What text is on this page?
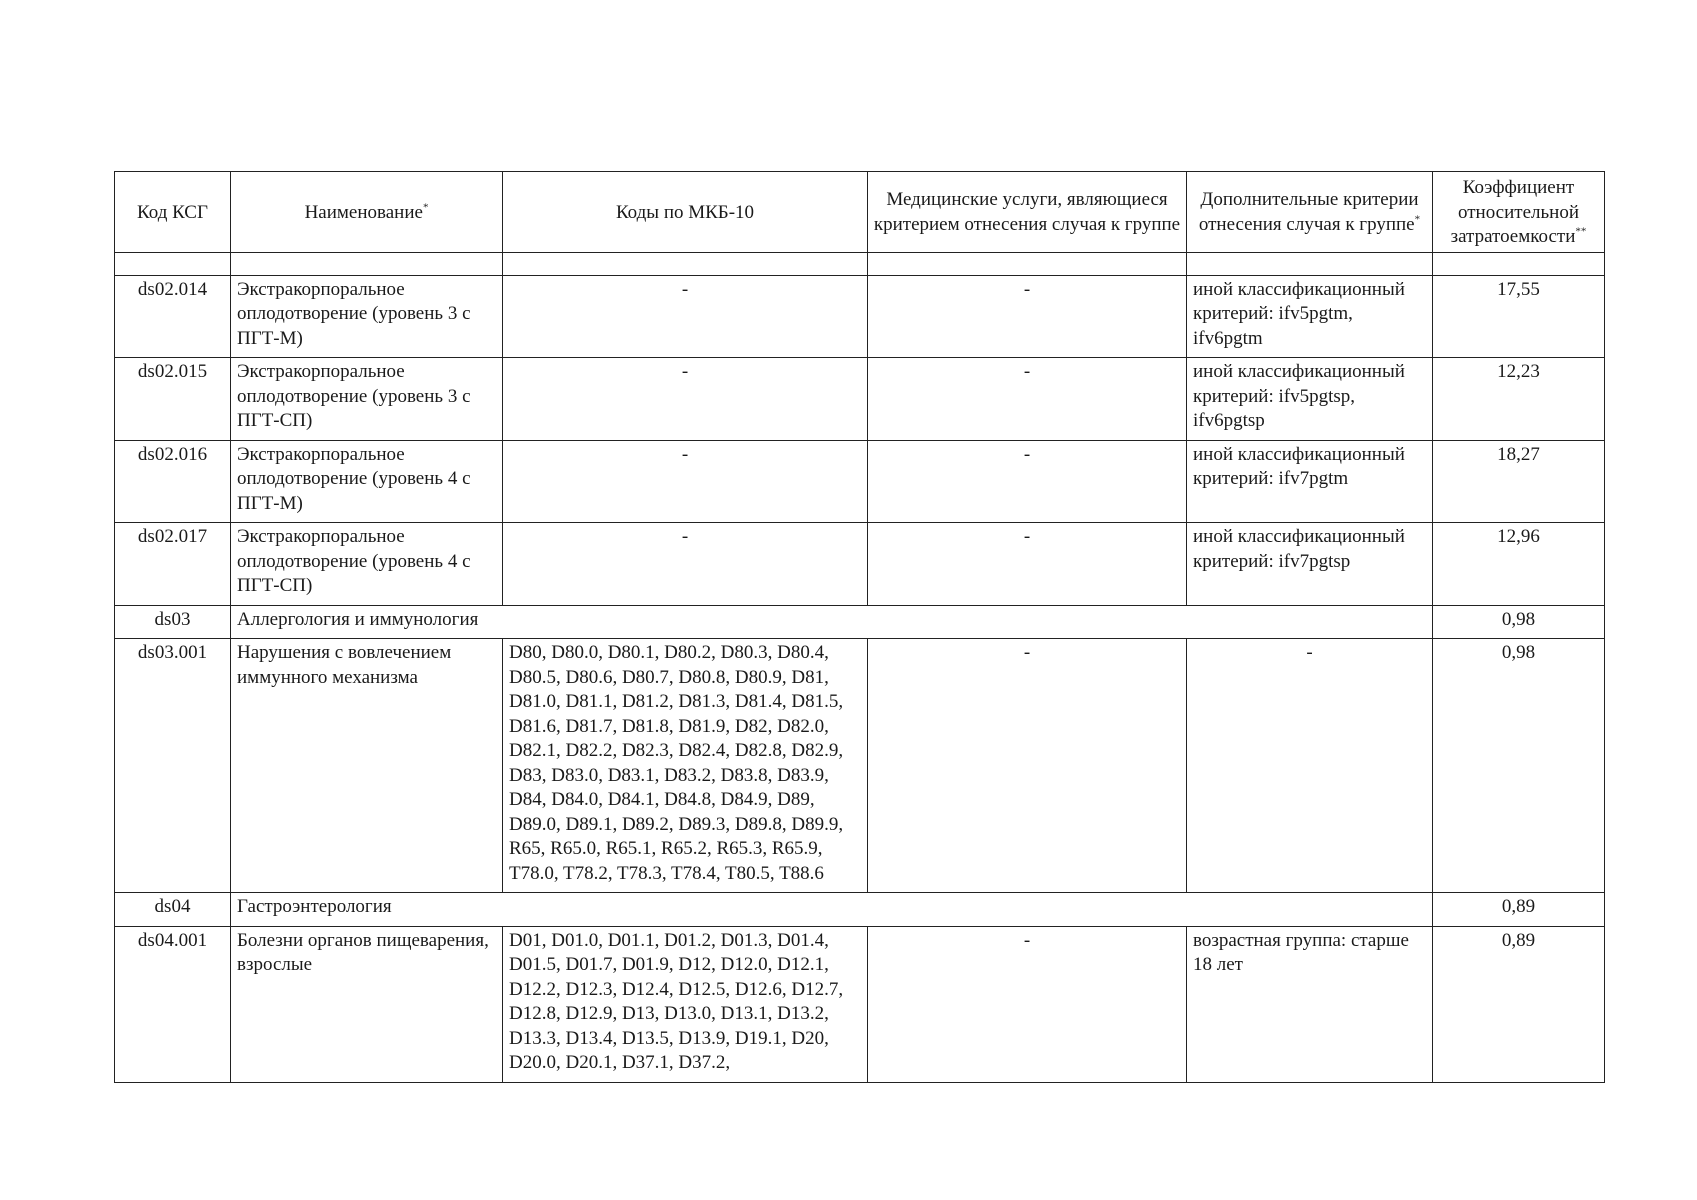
Код КСГ	Наименование*	Коды по МКБ-10	Медицинские услуги, являющиеся критерием отнесения случая к группе	Дополнительные критерии отнесения случая к группе*	Коэффициент относительной затратоемкости**

ds02.014	Экстракорпоральное оплодотворение (уровень 3 с ПГТ-М)	-	-	иной классификационный критерий: ifv5pgtm, ifv6pgtm	17,55
ds02.015	Экстракорпоральное оплодотворение (уровень 3 с ПГТ-СП)	-	-	иной классификационный критерий: ifv5pgtsp, ifv6pgtsp	12,23
ds02.016	Экстракорпоральное оплодотворение (уровень 4 с ПГТ-М)	-	-	иной классификационный критерий: ifv7pgtm	18,27
ds02.017	Экстракорпоральное оплодотворение (уровень 4 с ПГТ-СП)	-	-	иной классификационный критерий: ifv7pgtsp	12,96
ds03	Аллергология и иммунология				0,98
ds03.001	Нарушения с вовлечением иммунного механизма	D80, D80.0, D80.1, D80.2, D80.3, D80.4, D80.5, D80.6, D80.7, D80.8, D80.9, D81, D81.0, D81.1, D81.2, D81.3, D81.4, D81.5, D81.6, D81.7, D81.8, D81.9, D82, D82.0, D82.1, D82.2, D82.3, D82.4, D82.8, D82.9, D83, D83.0, D83.1, D83.2, D83.8, D83.9, D84, D84.0, D84.1, D84.8, D84.9, D89, D89.0, D89.1, D89.2, D89.3, D89.8, D89.9, R65, R65.0, R65.1, R65.2, R65.3, R65.9, T78.0, T78.2, T78.3, T78.4, T80.5, T88.6	-	-	0,98
ds04	Гастроэнтерология				0,89
ds04.001	Болезни органов пищеварения, взрослые	D01, D01.0, D01.1, D01.2, D01.3, D01.4, D01.5, D01.7, D01.9, D12, D12.0, D12.1, D12.2, D12.3, D12.4, D12.5, D12.6, D12.7, D12.8, D12.9, D13, D13.0, D13.1, D13.2, D13.3, D13.4, D13.5, D13.9, D19.1, D20, D20.0, D20.1, D37.1, D37.2,	-	возрастная группа: старше 18 лет	0,89
